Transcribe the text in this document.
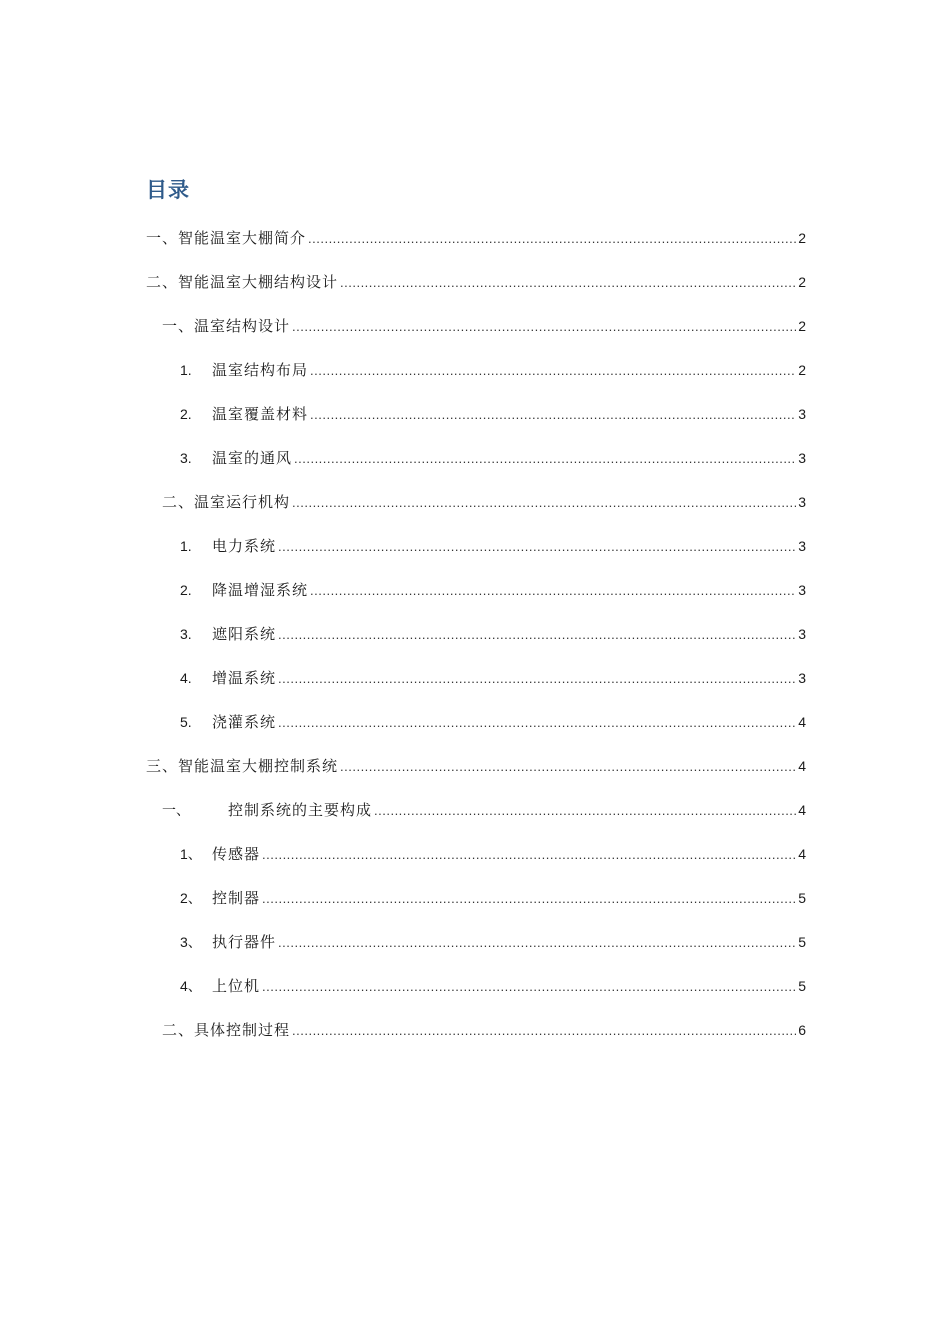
目录
一、智能温室大棚简介 .....	2
二、智能温室大棚结构设计 .....	2
一、温室结构设计 .....	2
1.	温室结构布局 .....	2
2.	温室覆盖材料 .....	3
3.	温室的通风 .....	3
二、温室运行机构 .....	3
1.	电力系统 .....	3
2.	降温增湿系统 .....	3
3.	遮阳系统 .....	3
4.	增温系统 .....	3
5.	浇灌系统 .....	4
三、智能温室大棚控制系统 .....	4
一、	控制系统的主要构成 .....	4
1、 传感器 .....	4
2、 控制器 .....	5
3、 执行器件 .....	5
4、 上位机 .....	5
二、具体控制过程 .....	6
